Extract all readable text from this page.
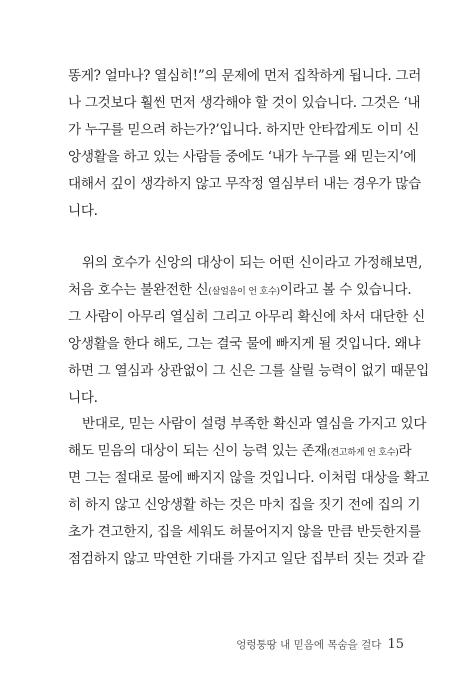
똥게? 얼마나? 열심히!”의 문제에 먼저 집착하게 됩니다. 그러
나 그것보다 훨씬 먼저 생각해야 할 것이 있습니다. 그것은 ‘내
가 누구를 믿으려 하는가?’입니다. 하지만 안타깝게도 이미 신
앙생활을 하고 있는 사람들 중에도 ‘내가 누구를 왜 믿는지’에
대해서 깊이 생각하지 않고 무작정 열심부터 내는 경우가 많습
니다.
위의 호수가 신앙의 대상이 되는 어떤 신이라고 가정해보면,
처음 호수는 불완전한 신(살얼음이 언 호수)이라고 볼 수 있습니다.
그 사람이 아무리 열심히 그리고 아무리 확신에 차서 대단한 신
앙생활을 한다 해도, 그는 결국 물에 빠지게 될 것입니다. 왜냐
하면 그 열심과 상관없이 그 신은 그를 살릴 능력이 없기 때문입
니다.
반대로, 믿는 사람이 설령 부족한 확신과 열심을 가지고 있다
해도 믿음의 대상이 되는 신이 능력 있는 존재(견고하게 언 호수)라
면 그는 절대로 물에 빠지지 않을 것입니다. 이처럼 대상을 확고
히 하지 않고 신앙생활 하는 것은 마치 집을 짓기 전에 집의 기
초가 견고한지, 집을 세워도 허물어지지 않을 만큼 반듯한지를
점검하지 않고 막연한 기대를 가지고 일단 집부터 짓는 것과 같
엉렁퉁땅 내 믿음에 목숨을 걸다 15
